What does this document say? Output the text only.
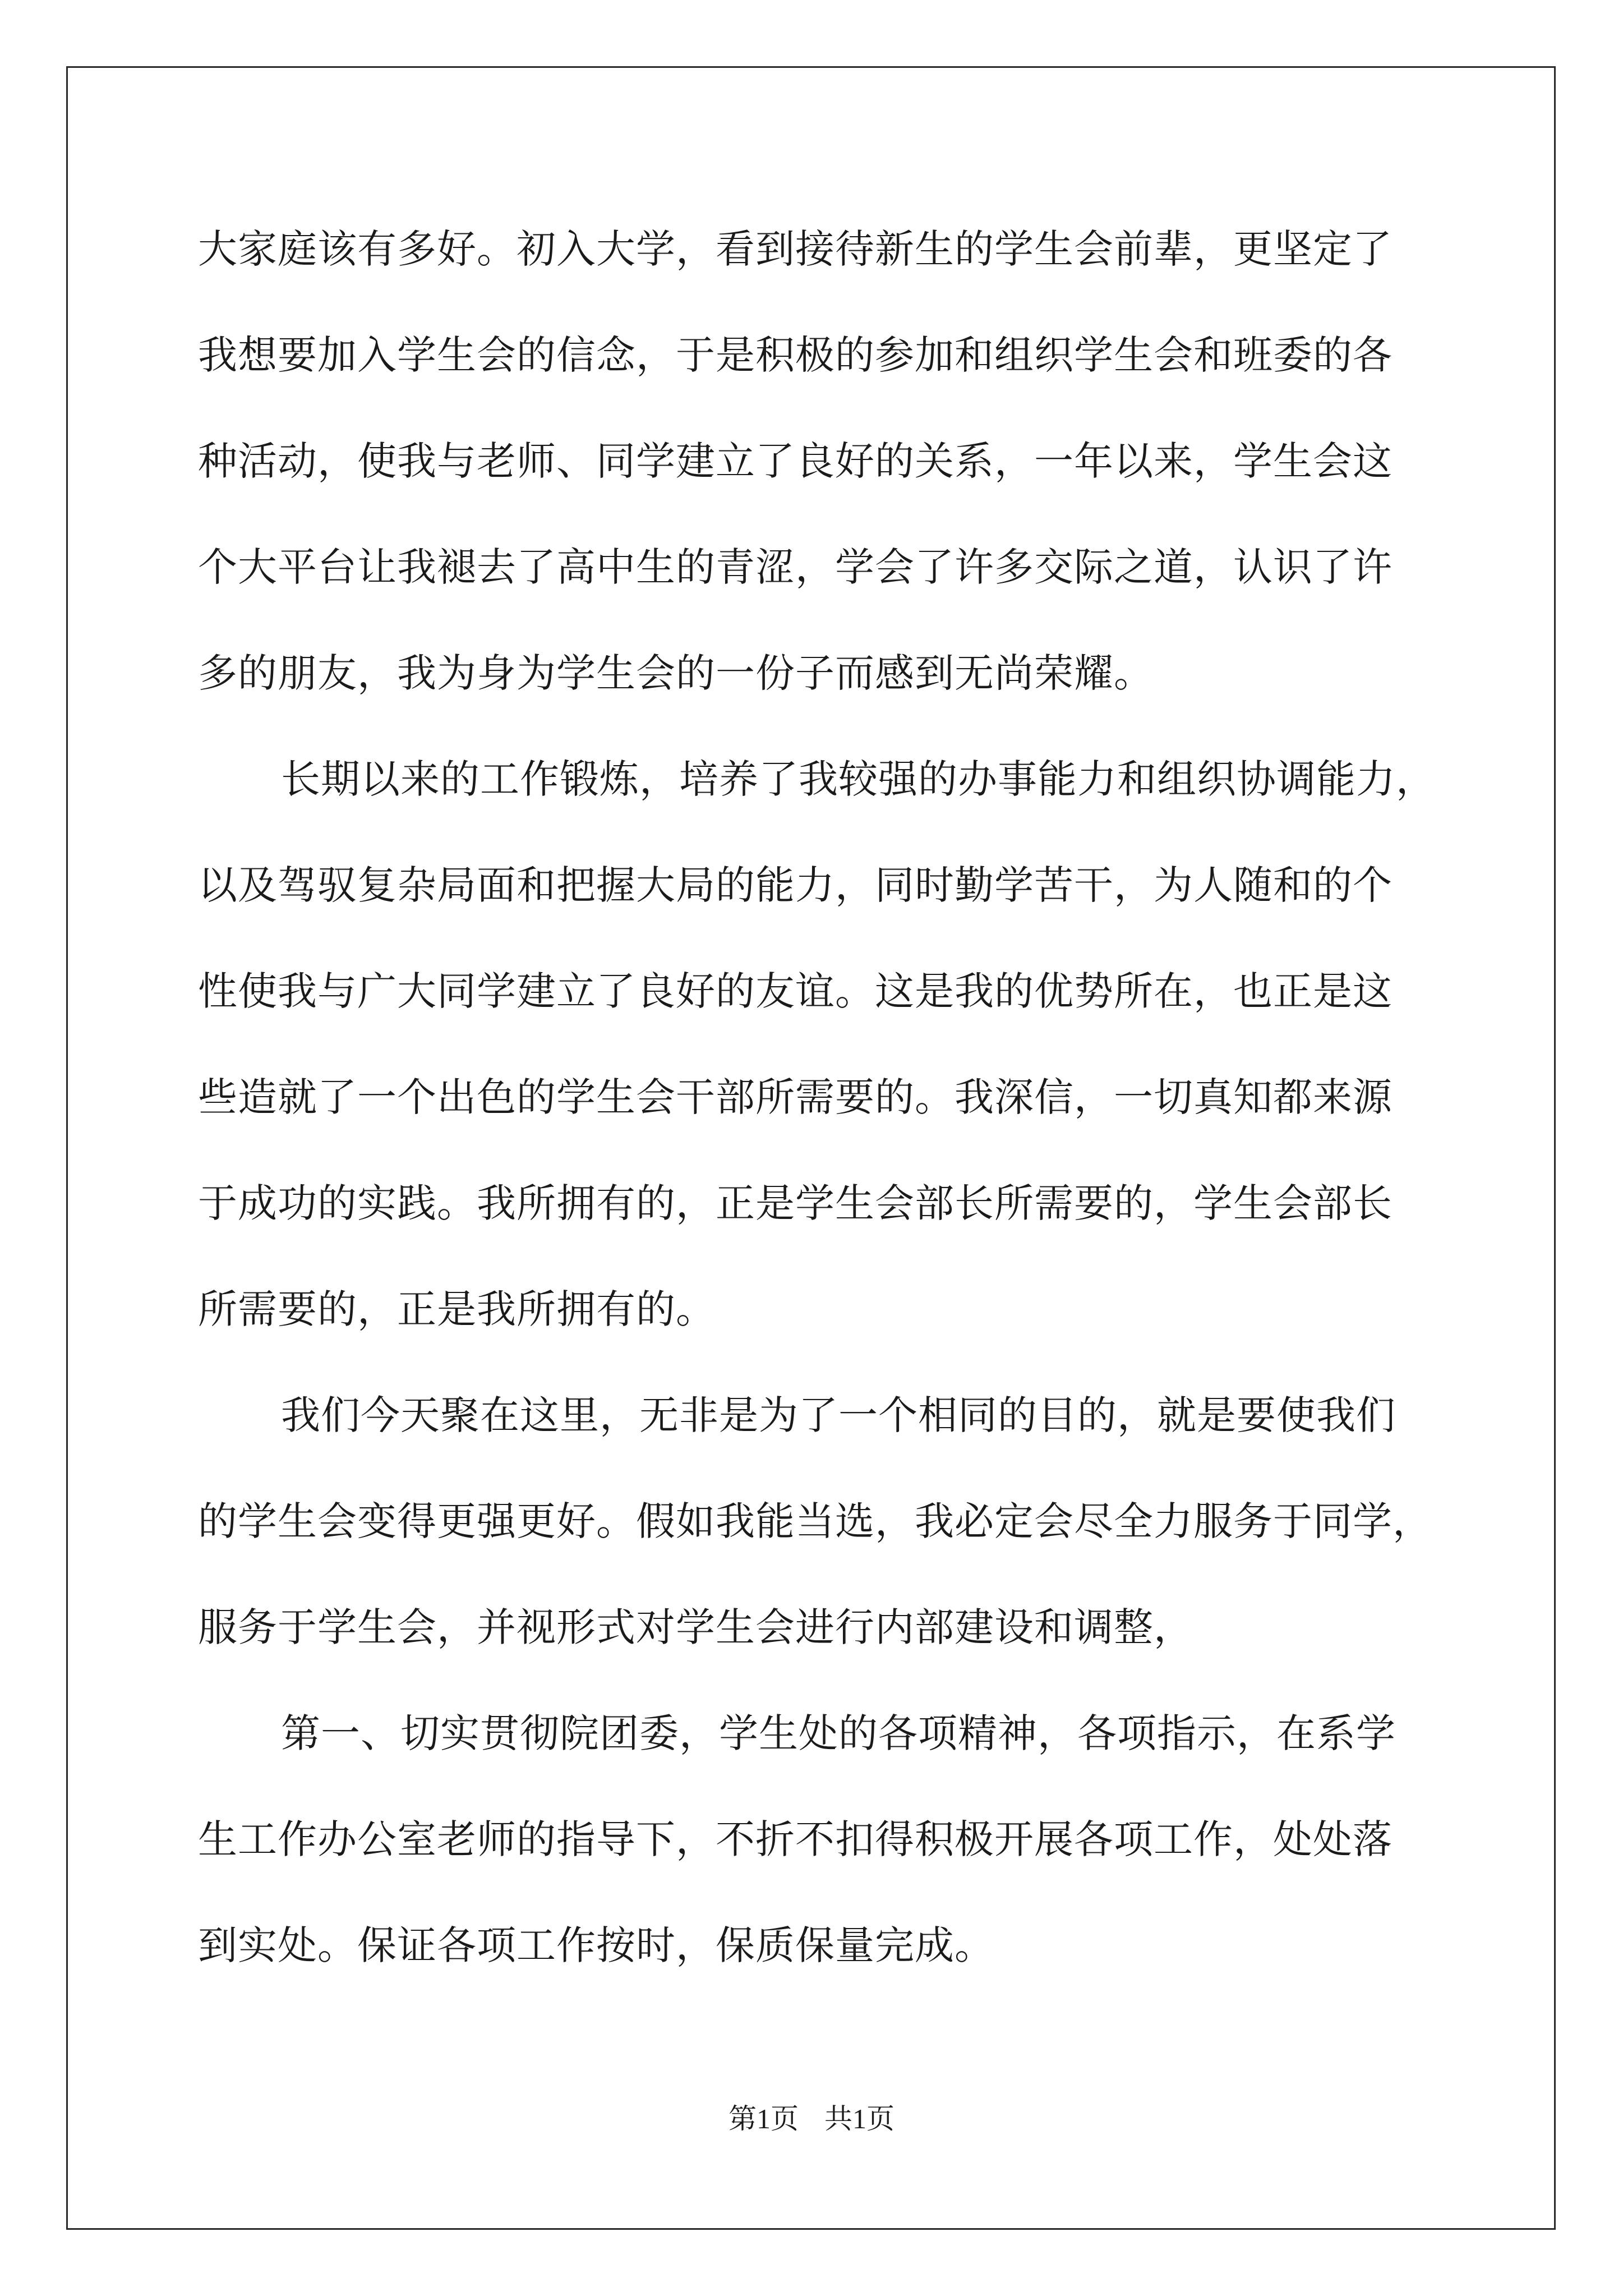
大家庭该有多好。初入大学，看到接待新生的学生会前辈，更坚定了
我想要加入学生会的信念，于是积极的参加和组织学生会和班委的各
种活动，使我与老师、同学建立了良好的关系，一年以来，学生会这
个大平台让我褪去了高中生的青涩，学会了许多交际之道，认识了许
多的朋友，我为身为学生会的一份子而感到无尚荣耀。

长期以来的工作锻炼，培养了我较强的办事能力和组织协调能力，
以及驾驭复杂局面和把握大局的能力，同时勤学苦干，为人随和的个
性使我与广大同学建立了良好的友谊。这是我的优势所在，也正是这
些造就了一个出色的学生会干部所需要的。我深信，一切真知都来源
于成功的实践。我所拥有的，正是学生会部长所需要的，学生会部长
所需要的，正是我所拥有的。

我们今天聚在这里，无非是为了一个相同的目的，就是要使我们
的学生会变得更强更好。假如我能当选，我必定会尽全力服务于同学，
服务于学生会，并视形式对学生会进行内部建设和调整，

第一、切实贯彻院团委，学生处的各项精神，各项指示，在系学
生工作办公室老师的指导下，不折不扣得积极开展各项工作，处处落
到实处。保证各项工作按时，保质保量完成。

第1页 共1页
